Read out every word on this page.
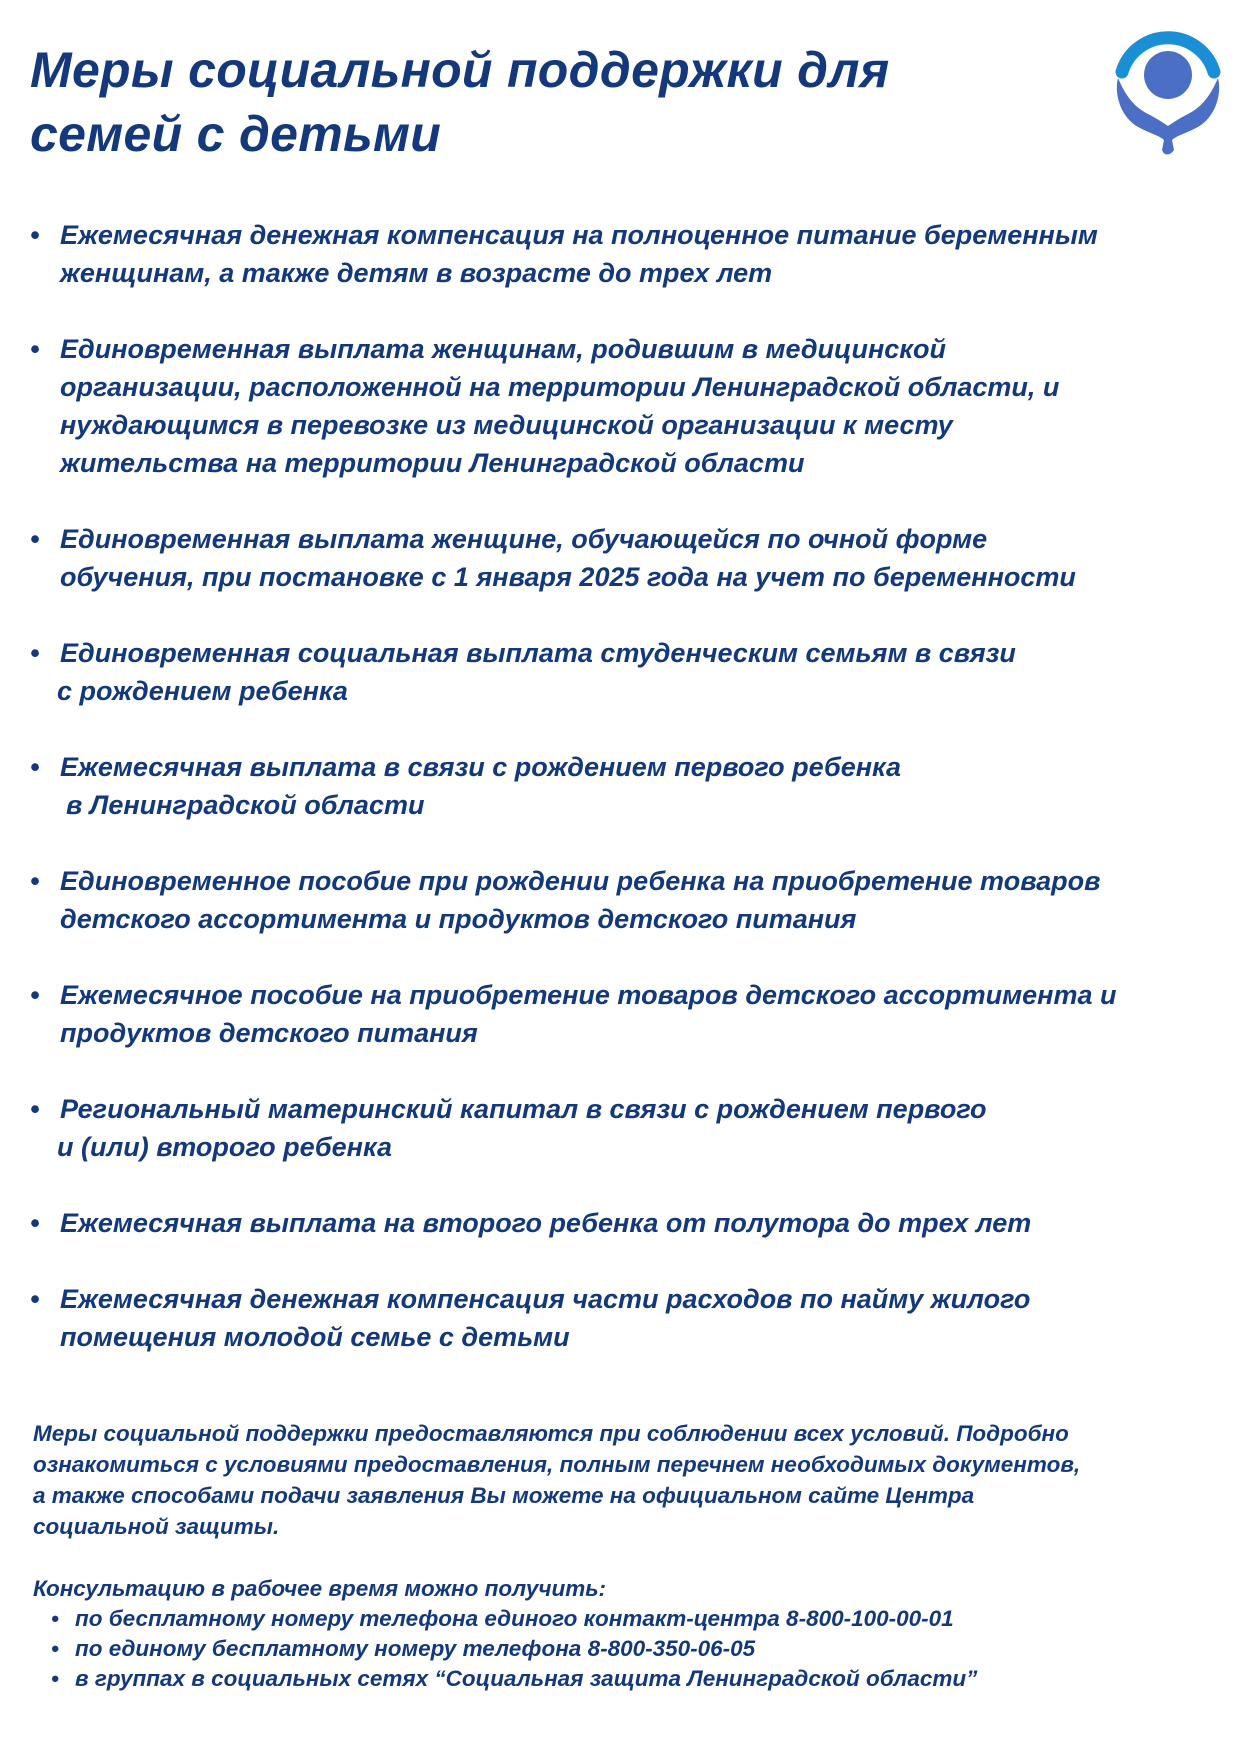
Меры социальной поддержки для
семей с детьми
• Ежемесячная денежная компенсация на полноценное питание беременным
женщинам, а также детям в возрасте до трех лет
• Единовременная выплата женщинам, родившим в медицинской
организации, расположенной на территории Ленинградской области, и
нуждающимся в перевозке из медицинской организации к месту
жительства на территории Ленинградской области
• Единовременная выплата женщине, обучающейся по очной форме
обучения, при постановке с 1 января 2025 года на учет по беременности
• Единовременная социальная выплата студенческим семьям в связи
с рождением ребенка
• Ежемесячная выплата в связи с рождением первого ребенка
в Ленинградской области
• Единовременное пособие при рождении ребенка на приобретение товаров
детского ассортимента и продуктов детского питания
• Ежемесячное пособие на приобретение товаров детского ассортимента и
продуктов детского питания
• Региональный материнский капитал в связи с рождением первого
и (или) второго ребенка
• Ежемесячная выплата на второго ребенка от полутора до трех лет
• Ежемесячная денежная компенсация части расходов по найму жилого
помещения молодой семье с детьми

Меры социальной поддержки предоставляются при соблюдении всех условий. Подробно

ознакомиться с условиями предоставления, полным перечнем необходимых документов,

а также способами подачи заявления Вы можете на официальном сайте Центра

социальной защиты.

Консультацию в рабочее время можно получить:

• по бесплатному номеру телефона единого контакт-центра 8-800-100-00-01
• по единому бесплатному номеру телефона 8-800-350-06-05
• в группах в социальных сетях “Социальная защита Ленинградской области”
